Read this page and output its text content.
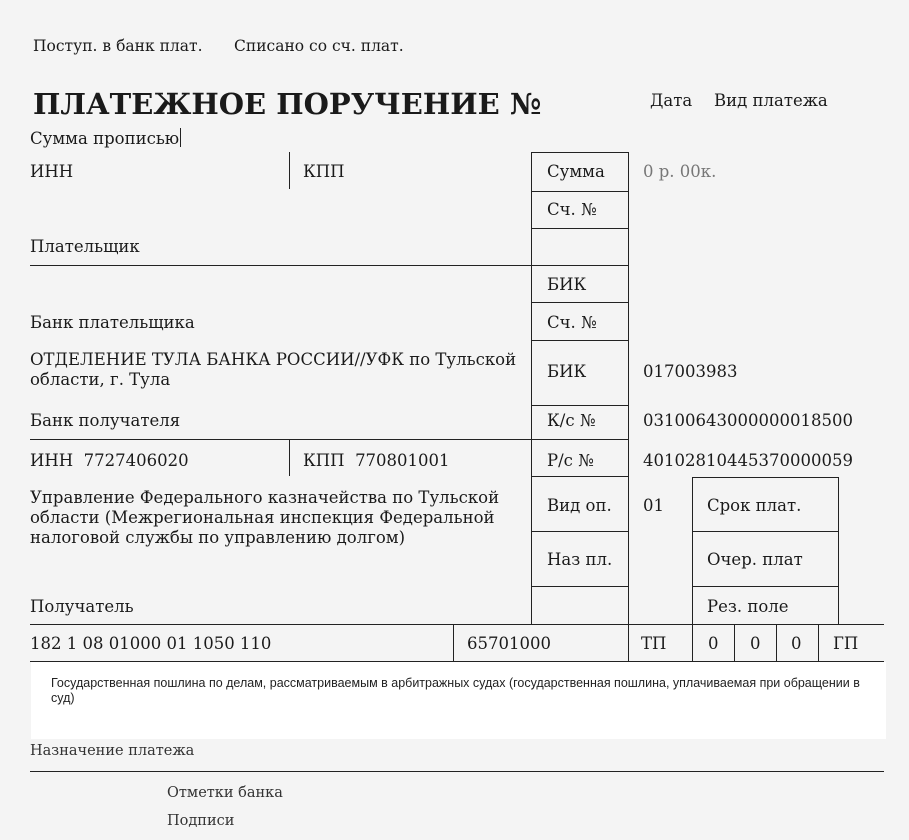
Поступ. в банк плат. Списано со сч. плат.
ПЛАТЕЖНОЕ ПОРУЧЕНИЕ №	Дата Вид платежа
Сумма прописью
ИНН	КПП	Сумма 0 р. 00к.
Сч. №
Плательщик
БИК
Банк плательщика	Сч. №
ОТДЕЛЕНИЕ ТУЛА БАНКА РОССИИ//УФК по Тульской области, г. Тула	БИК	017003983
Банк получателя	К/с №	03100643000000018500
ИНН 7727406020	КПП 770801001	Р/с №	40102810445370000059
Управление Федерального казначейства по Тульской области (Межрегиональная инспекция Федеральной налоговой службы по управлению долгом)
Вид оп. 01	Срок плат.
Наз пл.	Очер. плат
Получатель	Рез. поле
182 1 08 01000 01 1050 110	65701000	ТП	0 0 0 ГП
Государственная пошлина по делам, рассматриваемым в арбитражных судах (государственная пошлина, уплачиваемая при обращении в суд)
Назначение платежа
Отметки банка
Подписи
